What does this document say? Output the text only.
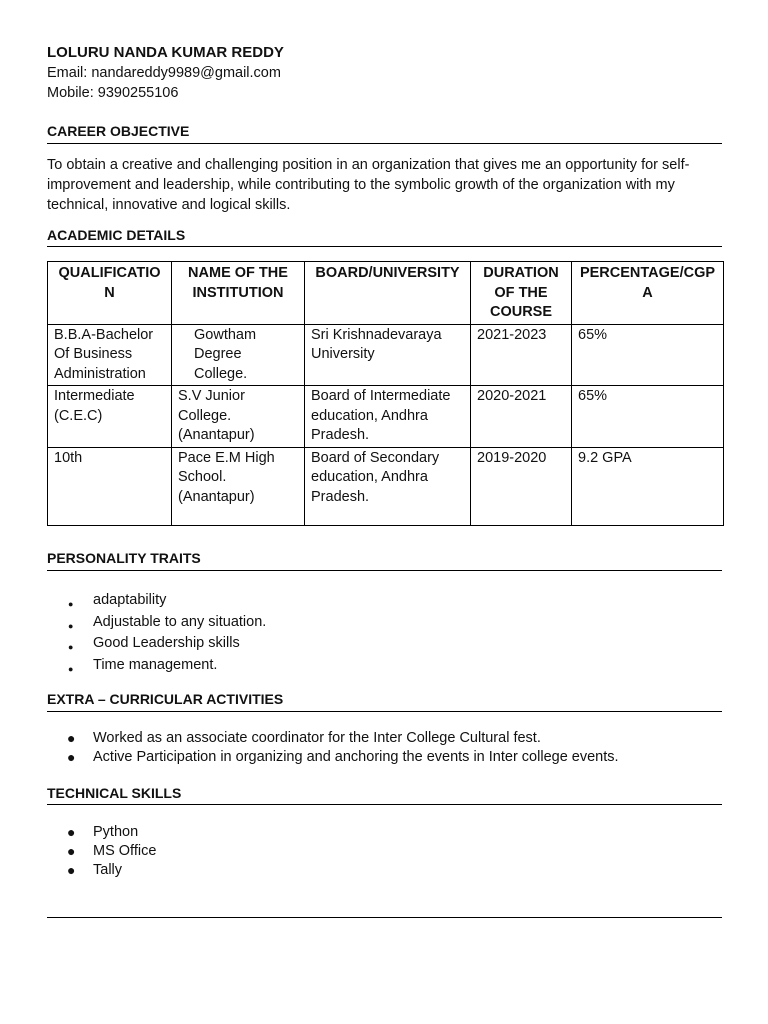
LOLURU NANDA KUMAR REDDY
Email: nandareddy9989@gmail.com
Mobile: 9390255106
CAREER OBJECTIVE
To obtain a creative and challenging position in an organization that gives me an opportunity for self-improvement and leadership, while contributing to the symbolic growth of the organization with my technical, innovative and logical skills.
ACADEMIC DETAILS
QUALIFICATIO N	NAME OF THE INSTITUTION	BOARD/UNIVERSITY	DURATION OF THE COURSE	PERCENTAGE/CGPA
B.B.A-Bachelor Of Business Administration	Gowtham Degree College.	Sri Krishnadevaraya University	2021-2023	65%
Intermediate (C.E.C)	S.V Junior College. (Anantapur)	Board of Intermediate education, Andhra Pradesh.	2020-2021	65%
10th	Pace E.M High School. (Anantapur)	Board of Secondary education, Andhra Pradesh.	2019-2020	9.2 GPA
PERSONALITY TRAITS
● adaptability
● Adjustable to any situation.
● Good Leadership skills
● Time management.
EXTRA – CURRICULAR ACTIVITIES
● Worked as an associate coordinator for the Inter College Cultural fest.
● Active Participation in organizing and anchoring the events in Inter college events.
TECHNICAL SKILLS
● Python
● MS Office
● Tally
